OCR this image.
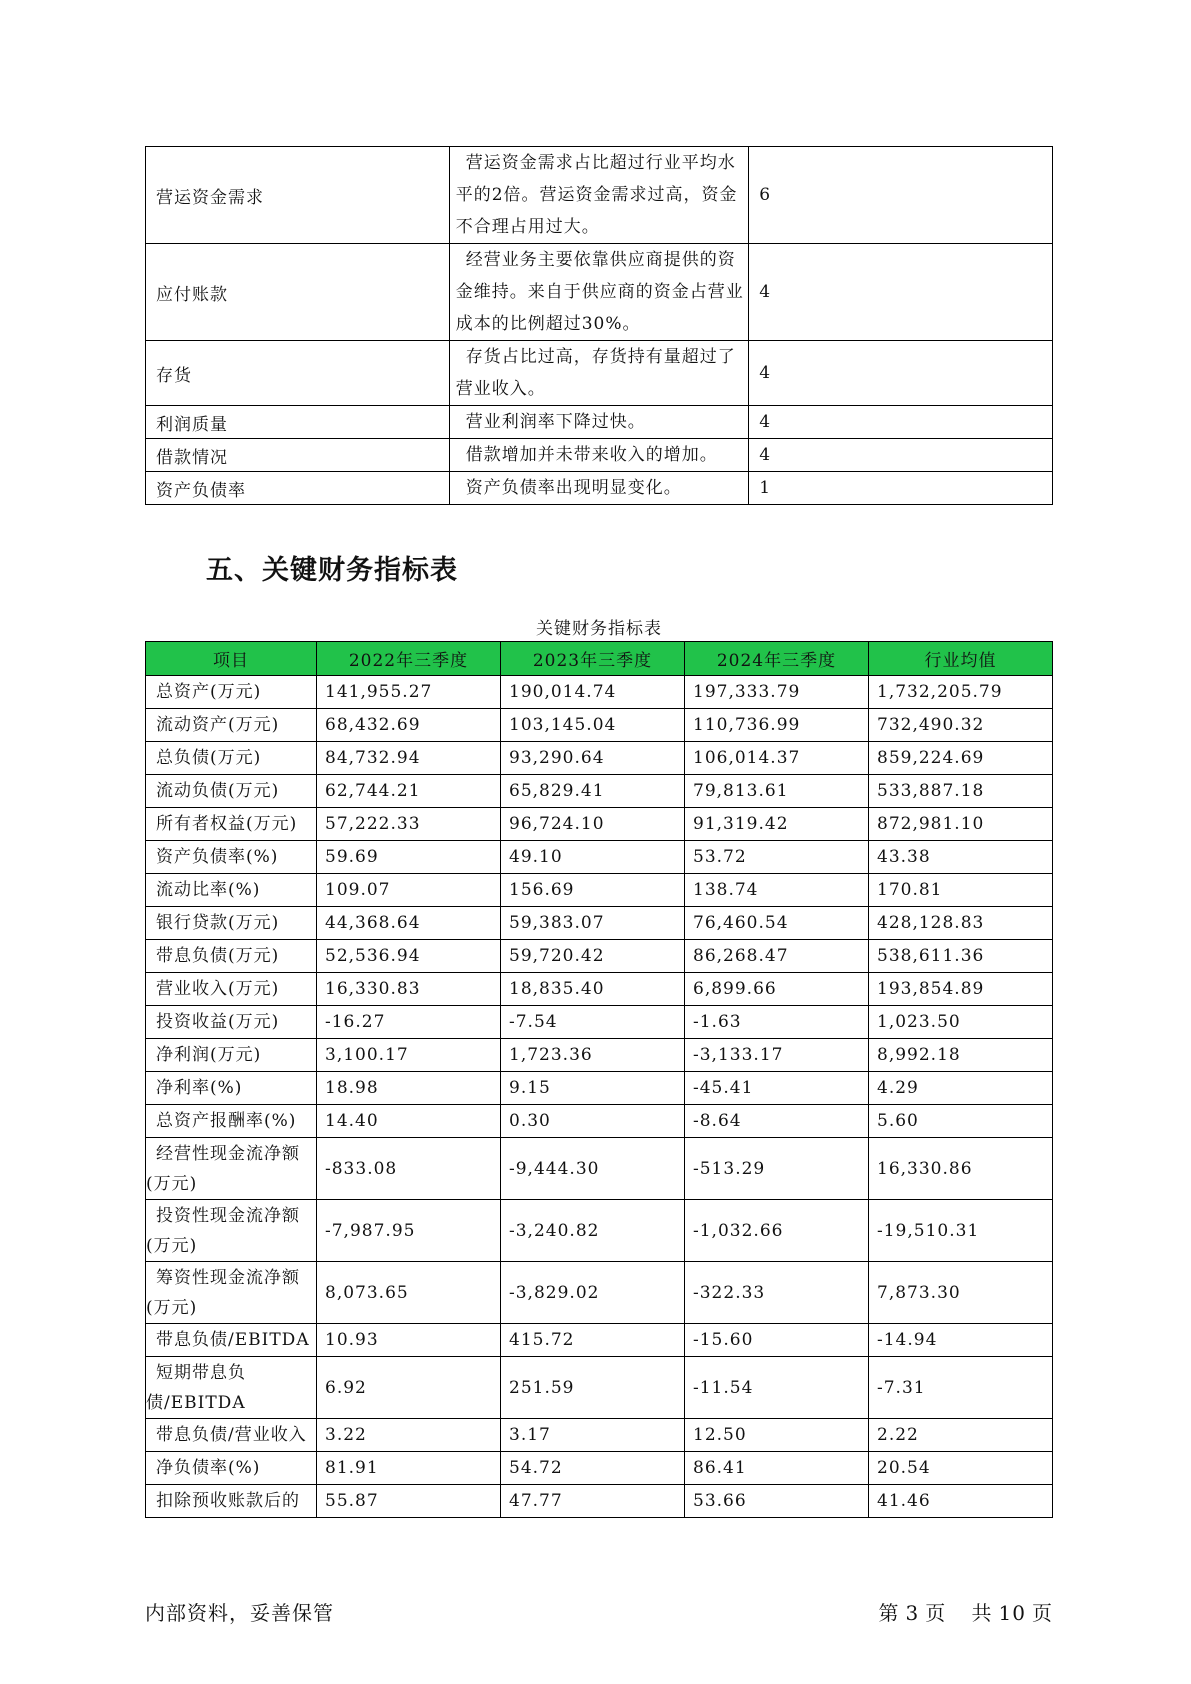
营运资金需求	营运资金需求占比超过行业平均水平的2倍。营运资金需求过高，资金不合理占用过大。	6

应付账款	经营业务主要依靠供应商提供的资金维持。来自于供应商的资金占营业成本的比例超过30%。	4

存货	存货占比过高，存货持有量超过了营业收入。	4

利润质量	营业利润率下降过快。	4

借款情况	借款增加并未带来收入的增加。	4

资产负债率	资产负债率出现明显变化。	1
五、关键财务指标表
关键财务指标表
项目	2022年三季度	2023年三季度	2024年三季度	行业均值

总资产(万元)	141,955.27	190,014.74	197,333.79	1,732,205.79

流动资产(万元)	68,432.69	103,145.04	110,736.99	732,490.32

总负债(万元)	84,732.94	93,290.64	106,014.37	859,224.69

流动负债(万元)	62,744.21	65,829.41	79,813.61	533,887.18

所有者权益(万元)	57,222.33	96,724.10	91,319.42	872,981.10

资产负债率(%)	59.69	49.10	53.72	43.38

流动比率(%)	109.07	156.69	138.74	170.81

银行贷款(万元)	44,368.64	59,383.07	76,460.54	428,128.83

带息负债(万元)	52,536.94	59,720.42	86,268.47	538,611.36

营业收入(万元)	16,330.83	18,835.40	6,899.66	193,854.89

投资收益(万元)	-16.27	-7.54	-1.63	1,023.50

净利润(万元)	3,100.17	1,723.36	-3,133.17	8,992.18

净利率(%)	18.98	9.15	-45.41	4.29

总资产报酬率(%)	14.40	0.30	-8.64	5.60

经营性现金流净额(万元)	-833.08	-9,444.30	-513.29	16,330.86

投资性现金流净额(万元)	-7,987.95	-3,240.82	-1,032.66	-19,510.31

筹资性现金流净额(万元)	8,073.65	-3,829.02	-322.33	7,873.30

带息负债/EBITDA	10.93	415.72	-15.60	-14.94

短期带息负债/EBITDA	6.92	251.59	-11.54	-7.31

带息负债/营业收入	3.22	3.17	12.50	2.22

净负债率(%)	81.91	54.72	86.41	20.54

扣除预收账款后的	55.87	47.77	53.66	41.46
内部资料，妥善保管	第 3 页 共 10 页
